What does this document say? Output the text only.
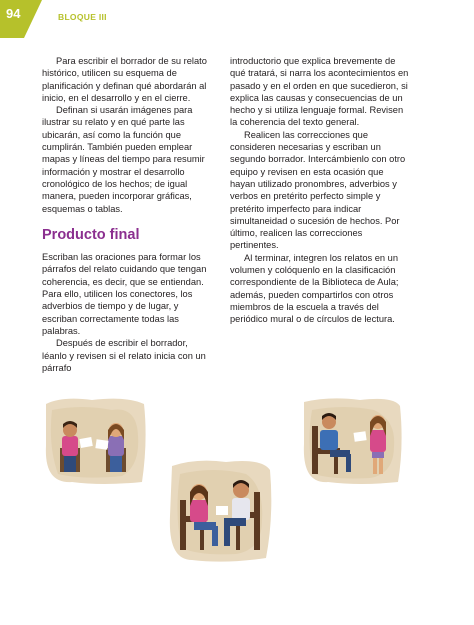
94	BLOQUE III

Para escribir el borrador de su relato histórico, utilicen su esquema de planificación y definan qué abordarán al inicio, en el desarrollo y en el cierre.

Definan si usarán imágenes para ilustrar su relato y en qué parte las ubicarán, así como la función que cumplirán. También pueden emplear mapas y líneas del tiempo para resumir información y mostrar el desarrollo cronológico de los hechos; de igual manera, pueden incorporar gráficas, esquemas o tablas.

Producto final

Escriban las oraciones para formar los párrafos del relato cuidando que tengan coherencia, es decir, que se entiendan. Para ello, utilicen los conectores, los adverbios de tiempo y de lugar, y escriban correctamente todas las palabras.

Después de escribir el borrador, léanlo y revisen si el relato inicia con un párrafo

introductorio que explica brevemente de qué tratará, si narra los acontecimientos en pasado y en el orden en que sucedieron, si explica las causas y consecuencias de un hecho y si utiliza lenguaje formal. Revisen la coherencia del texto general.

Realicen las correcciones que consideren necesarias y escriban un segundo borrador. Intercámbienlo con otro equipo y revisen en esta ocasión que hayan utilizado pronombres, adverbios y verbos en pretérito perfecto simple y pretérito imperfecto para indicar simultaneidad o sucesión de hechos. Por último, realicen las correcciones pertinentes.

Al terminar, integren los relatos en un volumen y colóquenlo en la clasificación correspondiente de la Biblioteca de Aula; además, pueden compartirlos con otros miembros de la escuela a través del periódico mural o de círculos de lectura.
